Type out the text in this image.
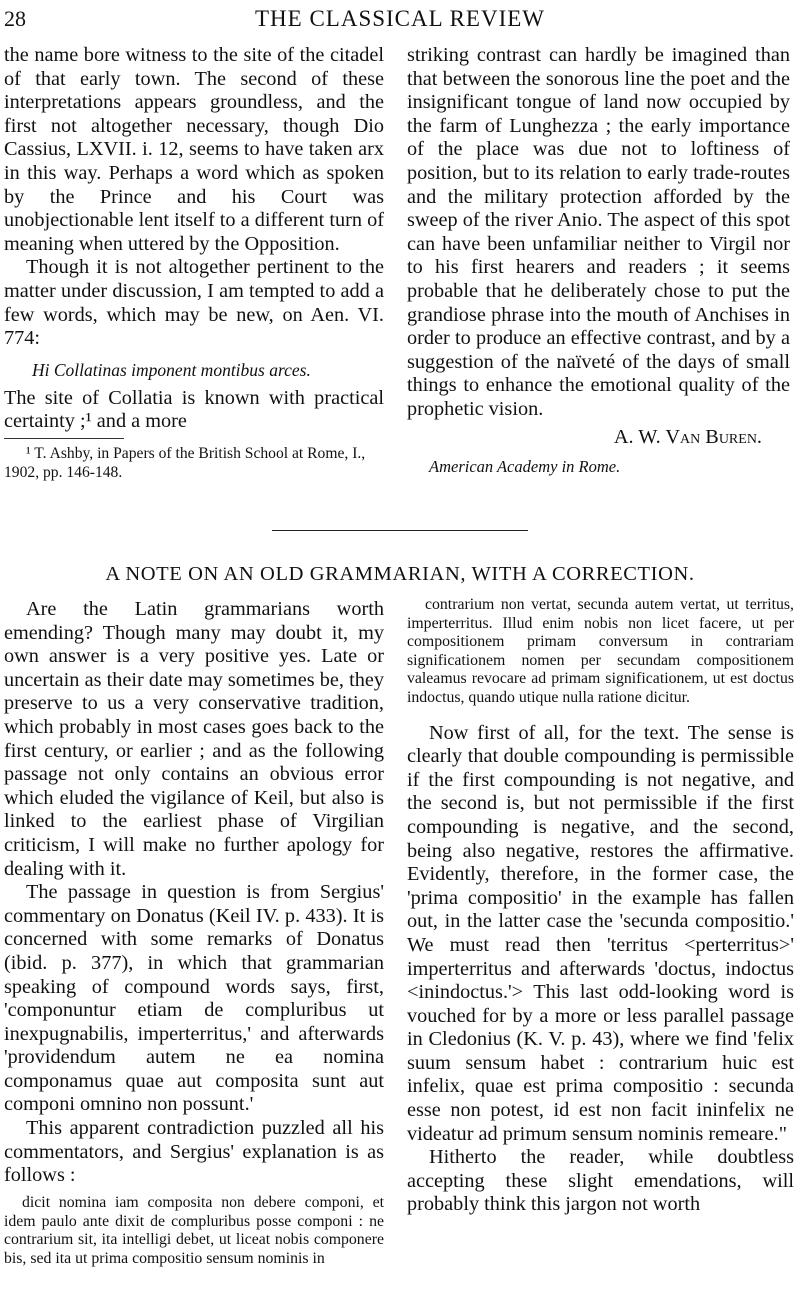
28	THE CLASSICAL REVIEW

the name bore witness to the site of the citadel of that early town. The second of these interpretations appears groundless, and the first not altogether necessary, though Dio Cassius, LXVII. i. 12, seems to have taken arx in this way. Perhaps a word which as spoken by the Prince and his Court was unobjectionable lent itself to a different turn of meaning when uttered by the Opposition.

Though it is not altogether pertinent to the matter under discussion, I am tempted to add a few words, which may be new, on Aen. VI. 774:

Hi Collatinas imponent montibus arces.

The site of Collatia is known with practical certainty ;¹ and a more

¹ T. Ashby, in Papers of the British School at Rome, I., 1902, pp. 146-148.

striking contrast can hardly be imagined than that between the sonorous line the poet and the insignificant tongue of land now occupied by the farm of Lunghezza ; the early importance of the place was due not to loftiness of position, but to its relation to early trade-routes and the military protection afforded by the sweep of the river Anio. The aspect of this spot can have been unfamiliar neither to Virgil nor to his first hearers and readers ; it seems probable that he deliberately chose to put the grandiose phrase into the mouth of Anchises in order to produce an effective contrast, and by a suggestion of the naïveté of the days of small things to enhance the emotional quality of the prophetic vision.

A. W. Van Buren.

American Academy in Rome.

A NOTE ON AN OLD GRAMMARIAN, WITH A CORRECTION.

Are the Latin grammarians worth emending? Though many may doubt it, my own answer is a very positive yes. Late or uncertain as their date may sometimes be, they preserve to us a very conservative tradition, which probably in most cases goes back to the first century, or earlier ; and as the following passage not only contains an obvious error which eluded the vigilance of Keil, but also is linked to the earliest phase of Virgilian criticism, I will make no further apology for dealing with it.

The passage in question is from Sergius' commentary on Donatus (Keil IV. p. 433). It is concerned with some remarks of Donatus (ibid. p. 377), in which that grammarian speaking of compound words says, first, 'componuntur etiam de compluribus ut inexpugnabilis, imperterritus,' and afterwards 'providendum autem ne ea nomina componamus quae aut composita sunt aut componi omnino non possunt.'

This apparent contradiction puzzled all his commentators, and Sergius' explanation is as follows :

dicit nomina iam composita non debere componi, et idem paulo ante dixit de compluribus posse componi : ne contrarium sit, ita intelligi debet, ut liceat nobis componere bis, sed ita ut prima compositio sensum nominis in

contrarium non vertat, secunda autem vertat, ut territus, imperterritus. Illud enim nobis non licet facere, ut per compositionem primam conversum in contrariam significationem nomen per secundam compositionem valeamus revocare ad primam significationem, ut est doctus indoctus, quando utique nulla ratione dicitur.

Now first of all, for the text. The sense is clearly that double compounding is permissible if the first compounding is not negative, and the second is, but not permissible if the first compounding is negative, and the second, being also negative, restores the affirmative. Evidently, therefore, in the former case, the 'prima compositio' in the example has fallen out, in the latter case the 'secunda compositio.' We must read then 'territus <perterritus>' imperterritus and afterwards 'doctus, indoctus <inindoctus.'> This last odd-looking word is vouched for by a more or less parallel passage in Cledonius (K. V. p. 43), where we find 'felix suum sensum habet : contrarium huic est infelix, quae est prima compositio : secunda esse non potest, id est non facit ininfelix ne videatur ad primum sensum nominis remeare."

Hitherto the reader, while doubtless accepting these slight emendations, will probably think this jargon not worth
